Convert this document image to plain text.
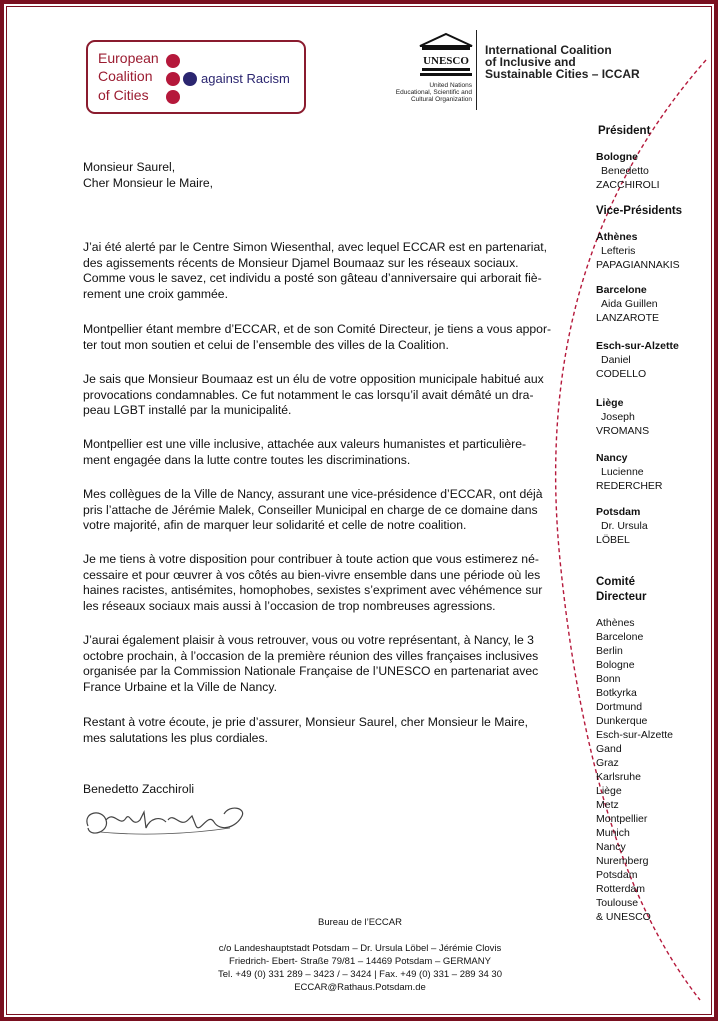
European
Coalition
of Cities
against Racism
UNESCO
United Nations
Educational, Scientific and
Cultural Organization
International Coalition
of Inclusive and
Sustainable Cities – ICCAR

Monsieur Saurel,

Cher Monsieur le Maire,

J’ai été alerté par le Centre Simon Wiesenthal, avec lequel ECCAR est en partenariat,
des agissements récents de Monsieur Djamel Boumaaz sur les réseaux sociaux.
Comme vous le savez, cet individu a posté son gâteau d’anniversaire qui arborait fiè-
rement une croix gammée.

Montpellier étant membre d’ECCAR, et de son Comité Directeur, je tiens a vous appor-
ter tout mon soutien et celui de l’ensemble des villes de la Coalition.

Je sais que Monsieur Boumaaz est un élu de votre opposition municipale habitué aux
provocations condamnables. Ce fut notamment le cas lorsqu’il avait démâté un dra-
peau LGBT installé par la municipalité.

Montpellier est une ville inclusive, attachée aux valeurs humanistes et particulière-
ment engagée dans la lutte contre toutes les discriminations.

Mes collègues de la Ville de Nancy, assurant une vice-présidence d’ECCAR, ont déjà
pris l’attache de Jérémie Malek, Conseiller Municipal en charge de ce domaine dans
votre majorité, afin de marquer leur solidarité et celle de notre coalition.

Je me tiens à votre disposition pour contribuer à toute action que vous estimerez né-
cessaire et pour œuvrer à vos côtés au bien-vivre ensemble dans une période où les
haines racistes, antisémites, homophobes, sexistes s’expriment avec véhémence sur
les réseaux sociaux mais aussi à l’occasion de trop nombreuses agressions.

J’aurai également plaisir à vous retrouver, vous ou votre représentant, à Nancy, le 3
octobre prochain, à l’occasion de la première réunion des villes françaises inclusives
organisée par la Commission Nationale Française de l’UNESCO en partenariat avec
France Urbaine et la Ville de Nancy.

Restant à votre écoute, je prie d’assurer, Monsieur Saurel, cher Monsieur le Maire,
mes salutations les plus cordiales.

Benedetto Zacchiroli
Bureau de l’ECCAR
c/o Landeshauptstadt Potsdam – Dr. Ursula Löbel – Jérémie Clovis
Friedrich- Ebert- Straße 79/81 – 14469 Potsdam – GERMANY
Tel. +49 (0) 331 289 – 3423 / – 3424 | Fax. +49 (0) 331 – 289 34 30
ECCAR@Rathaus.Potsdam.de
Président
Bologne
Benedetto
ZACCHIROLI
Vice-Présidents
Athènes
Lefteris
PAPAGIANNAKIS
Barcelone
Aida Guillen
LANZAROTE
Esch-sur-Alzette
Daniel
CODELLO
Liège
Joseph
VROMANS
Nancy
Lucienne
REDERCHER
Potsdam
Dr. Ursula
LÖBEL
Comité
Directeur
Athènes
Barcelone
Berlin
Bologne
Bonn
Botkyrka
Dortmund
Dunkerque
Esch-sur-Alzette
Gand
Graz
Karlsruhe
Liège
Metz
Montpellier
Munich
Nancy
Nuremberg
Potsdam
Rotterdam
Toulouse
& UNESCO
